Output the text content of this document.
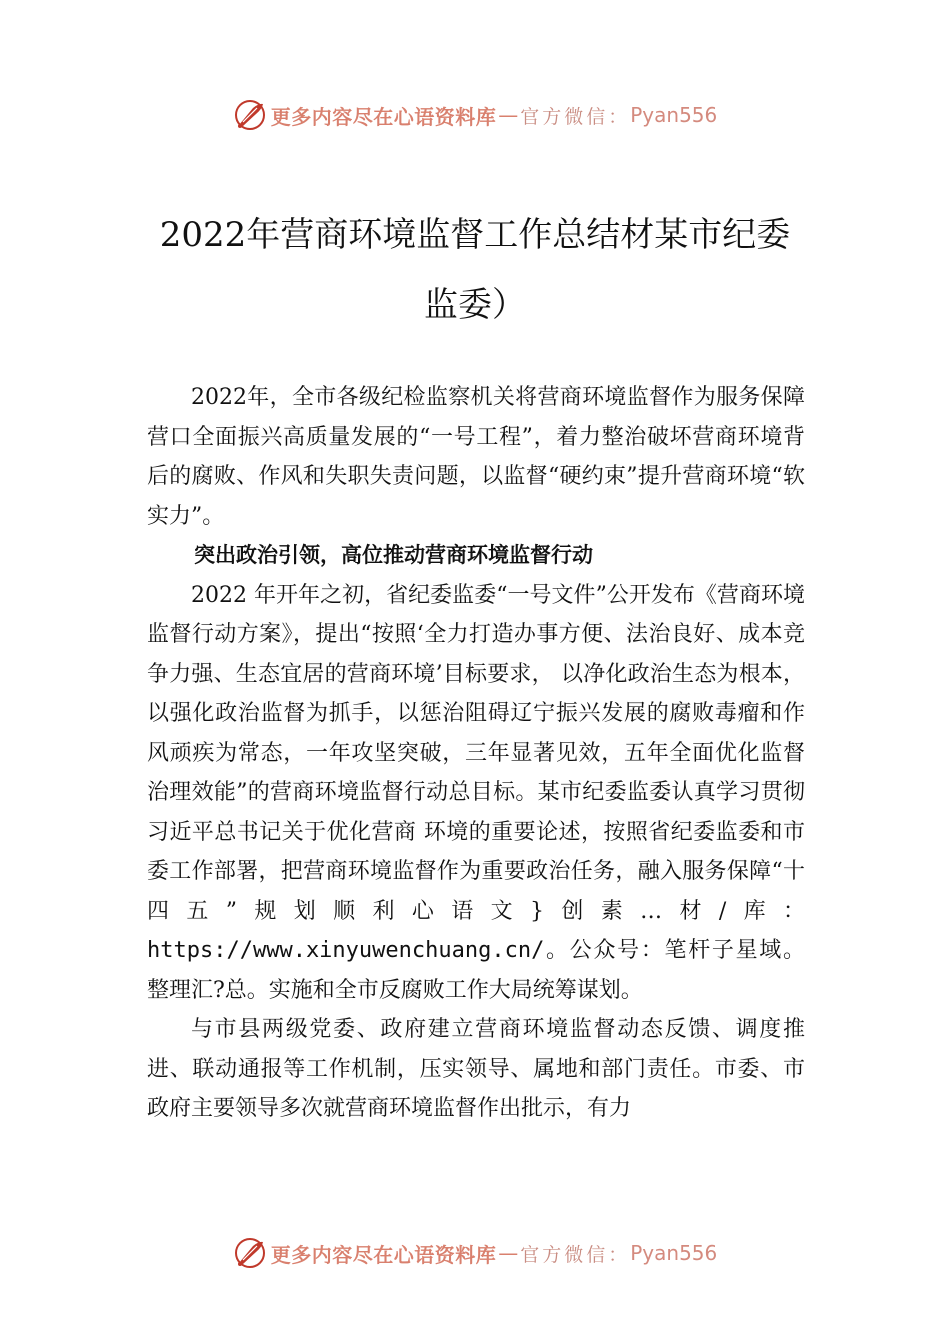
更多内容尽在心语资料库 — 官方微信： Pyan556
2022年营商环境监督工作总结材某市纪委
监委）

2022年，全市各级纪检监察机关将营商环境监督作为服务保障营口全面振兴高质量发展的“一号工程”，着力整治破坏营商环境背后的腐败、作风和失职失责问题，以监督“硬约束”提升营商环境“软实力”。

突出政治引领，高位推动营商环境监督行动

2022 年开年之初，省纪委监委“一号文件”公开发布《营商环境监督行动方案》，提出“按照‘全力打造办事方便、法治良好、成本竞争力强、生态宜居的营商环境’目标要求， 以净化政治生态为根本，以强化政治监督为抓手，以惩治阻碍辽宁振兴发展的腐败毒瘤和作风顽疾为常态，一年攻坚突破，三年显著见效，五年全面优化监督治理效能”的营商环境监督行动总目标。某市纪委监委认真学习贯彻习近平总书记关于优化营商 环境的重要论述，按照省纪委监委和市委工作部署，把营商环境监督作为重要政治任务，融入服务保障“十四五”规划顺利心语文}创素…材/库：https://www.xinyuwenchuang.cn/。公众号：笔杆子星域。整理汇?总。实施和全市反腐败工作大局统筹谋划。

与市县两级党委、政府建立营商环境监督动态反馈、调度推进、联动通报等工作机制，压实领导、属地和部门责任。市委、市政府主要领导多次就营商环境监督作出批示，有力

更多内容尽在心语资料库 — 官方微信： Pyan556
